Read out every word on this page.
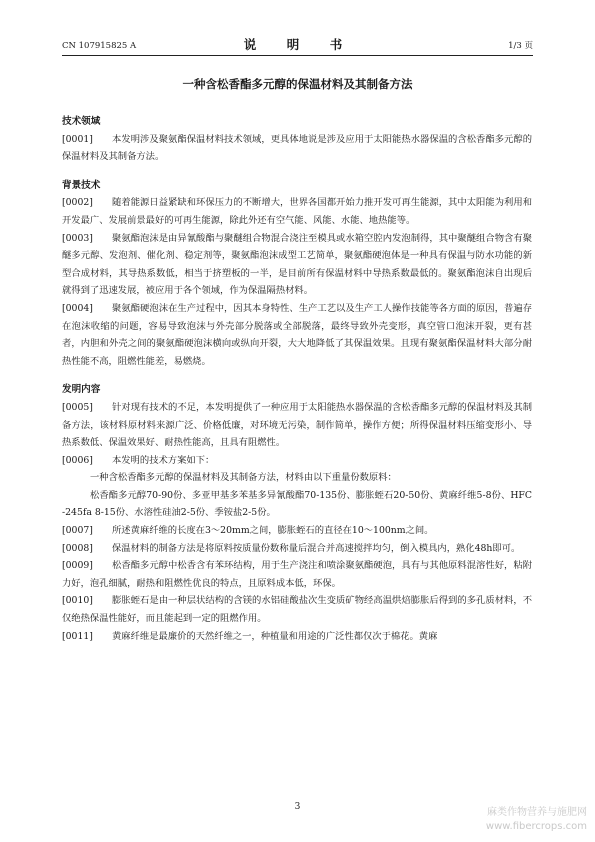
CN 107915825 A	说　明　书	1/3 页
一种含松香酯多元醇的保温材料及其制备方法
技术领域

[0001] 本发明涉及聚氨酯保温材料技术领域，更具体地说是涉及应用于太阳能热水器保温的含松香酯多元醇的保温材料及其制备方法。

背景技术

[0002] 随着能源日益紧缺和环保压力的不断增大，世界各国都开始力推开发可再生能源，其中太阳能为利用和开发最广、发展前景最好的可再生能源，除此外还有空气能、风能、水能、地热能等。

[0003] 聚氨酯泡沫是由异氰酸酯与聚醚组合物混合浇注至模具或水箱空腔内发泡制得，其中聚醚组合物含有聚醚多元醇、发泡剂、催化剂、稳定剂等，聚氨酯泡沫成型工艺简单，聚氨酯硬泡体是一种具有保温与防水功能的新型合成材料，其导热系数低，相当于挤塑板的一半，是目前所有保温材料中导热系数最低的。聚氨酯泡沫自出现后就得到了迅速发展，被应用于各个领域，作为保温隔热材料。

[0004] 聚氨酯硬泡沫在生产过程中，因其本身特性、生产工艺以及生产工人操作技能等各方面的原因，普遍存在泡沫收缩的问题，容易导致泡沫与外壳部分脱落或全部脱落，最终导致外壳变形，真空管口泡沫开裂，更有甚者，内胆和外壳之间的聚氨酯硬泡沫横向或纵向开裂，大大地降低了其保温效果。且现有聚氨酯保温材料大部分耐热性能不高，阻燃性能差，易燃烧。

发明内容

[0005] 针对现有技术的不足，本发明提供了一种应用于太阳能热水器保温的含松香酯多元醇的保温材料及其制备方法，该材料原材料来源广泛、价格低廉，对环境无污染，制作简单，操作方便；所得保温材料压缩变形小、导热系数低、保温效果好、耐热性能高，且具有阻燃性。

[0006] 本发明的技术方案如下：

一种含松香酯多元醇的保温材料及其制备方法，材料由以下重量份数原料：

松香酯多元醇70-90份、多亚甲基多苯基多异氰酸酯70-135份、膨胀蛭石20-50份、黄麻纤维5-8份、HFC-245fa 8-15份、水溶性硅油2-5份、季铵盐2-5份。

[0007] 所述黄麻纤维的长度在3～20mm之间，膨胀蛭石的直径在10～100nm之间。

[0008] 保温材料的制备方法是将原料按质量份数称量后混合并高速搅拌均匀，倒入模具内，熟化48h即可。

[0009] 松香酯多元醇中松香含有苯环结构，用于生产浇注和喷涂聚氨酯硬泡，具有与其他原料混溶性好，粘附力好，泡孔细腻，耐热和阻燃性优良的特点，且原料成本低，环保。

[0010] 膨胀蛭石是由一种层状结构的含镁的水铝硅酸盐次生变质矿物经高温烘焙膨胀后得到的多孔质材料，不仅绝热保温性能好，而且能起到一定的阻燃作用。

[0011] 黄麻纤维是最廉价的天然纤维之一，种植量和用途的广泛性都仅次于棉花。黄麻

3	麻类作物营养与施肥网
www.fibercrops.com
